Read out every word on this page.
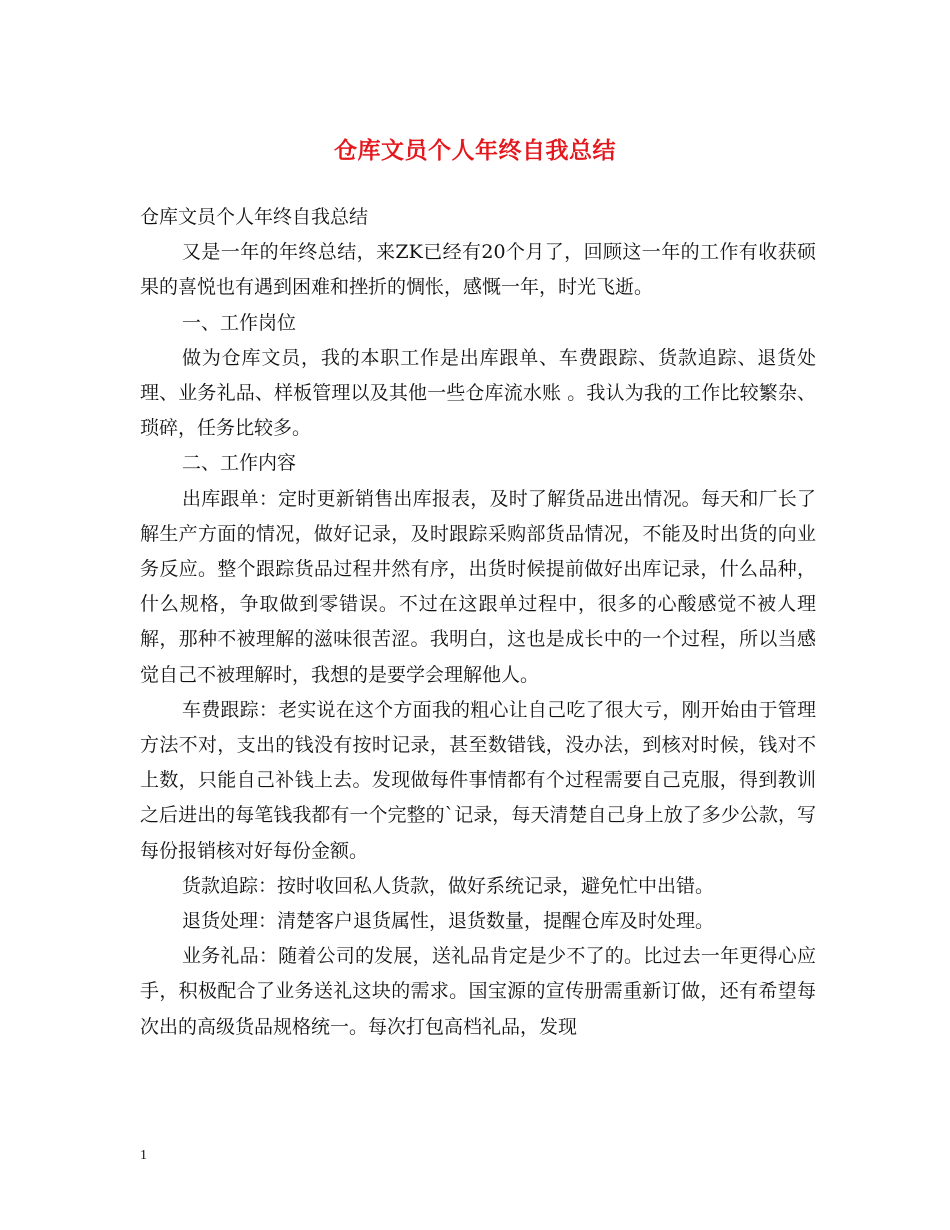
仓库文员个人年终自我总结

仓库文员个人年终自我总结

又是一年的年终总结，来ZK已经有20个月了，回顾这一年的工作有收获硕果的喜悦也有遇到困难和挫折的惆怅，感慨一年，时光飞逝。

一、工作岗位

做为仓库文员，我的本职工作是出库跟单、车费跟踪、货款追踪、退货处理、业务礼品、样板管理以及其他一些仓库流水账 。我认为我的工作比较繁杂、琐碎，任务比较多。

二、工作内容

出库跟单：定时更新销售出库报表，及时了解货品进出情况。每天和厂长了解生产方面的情况，做好记录，及时跟踪采购部货品情况，不能及时出货的向业务反应。整个跟踪货品过程井然有序，出货时候提前做好出库记录，什么品种，什么规格，争取做到零错误。不过在这跟单过程中，很多的心酸感觉不被人理解，那种不被理解的滋味很苦涩。我明白，这也是成长中的一个过程，所以当感觉自己不被理解时，我想的是要学会理解他人。

车费跟踪：老实说在这个方面我的粗心让自己吃了很大亏，刚开始由于管理方法不对，支出的钱没有按时记录，甚至数错钱，没办法，到核对时候，钱对不上数，只能自己补钱上去。发现做每件事情都有个过程需要自己克服，得到教训之后进出的每笔钱我都有一个完整的`记录，每天清楚自己身上放了多少公款，写每份报销核对好每份金额。

货款追踪：按时收回私人货款，做好系统记录，避免忙中出错。

退货处理：清楚客户退货属性，退货数量，提醒仓库及时处理。

业务礼品：随着公司的发展，送礼品肯定是少不了的。比过去一年更得心应手，积极配合了业务送礼这块的需求。国宝源的宣传册需重新订做，还有希望每次出的高级货品规格统一。每次打包高档礼品，发现

1
